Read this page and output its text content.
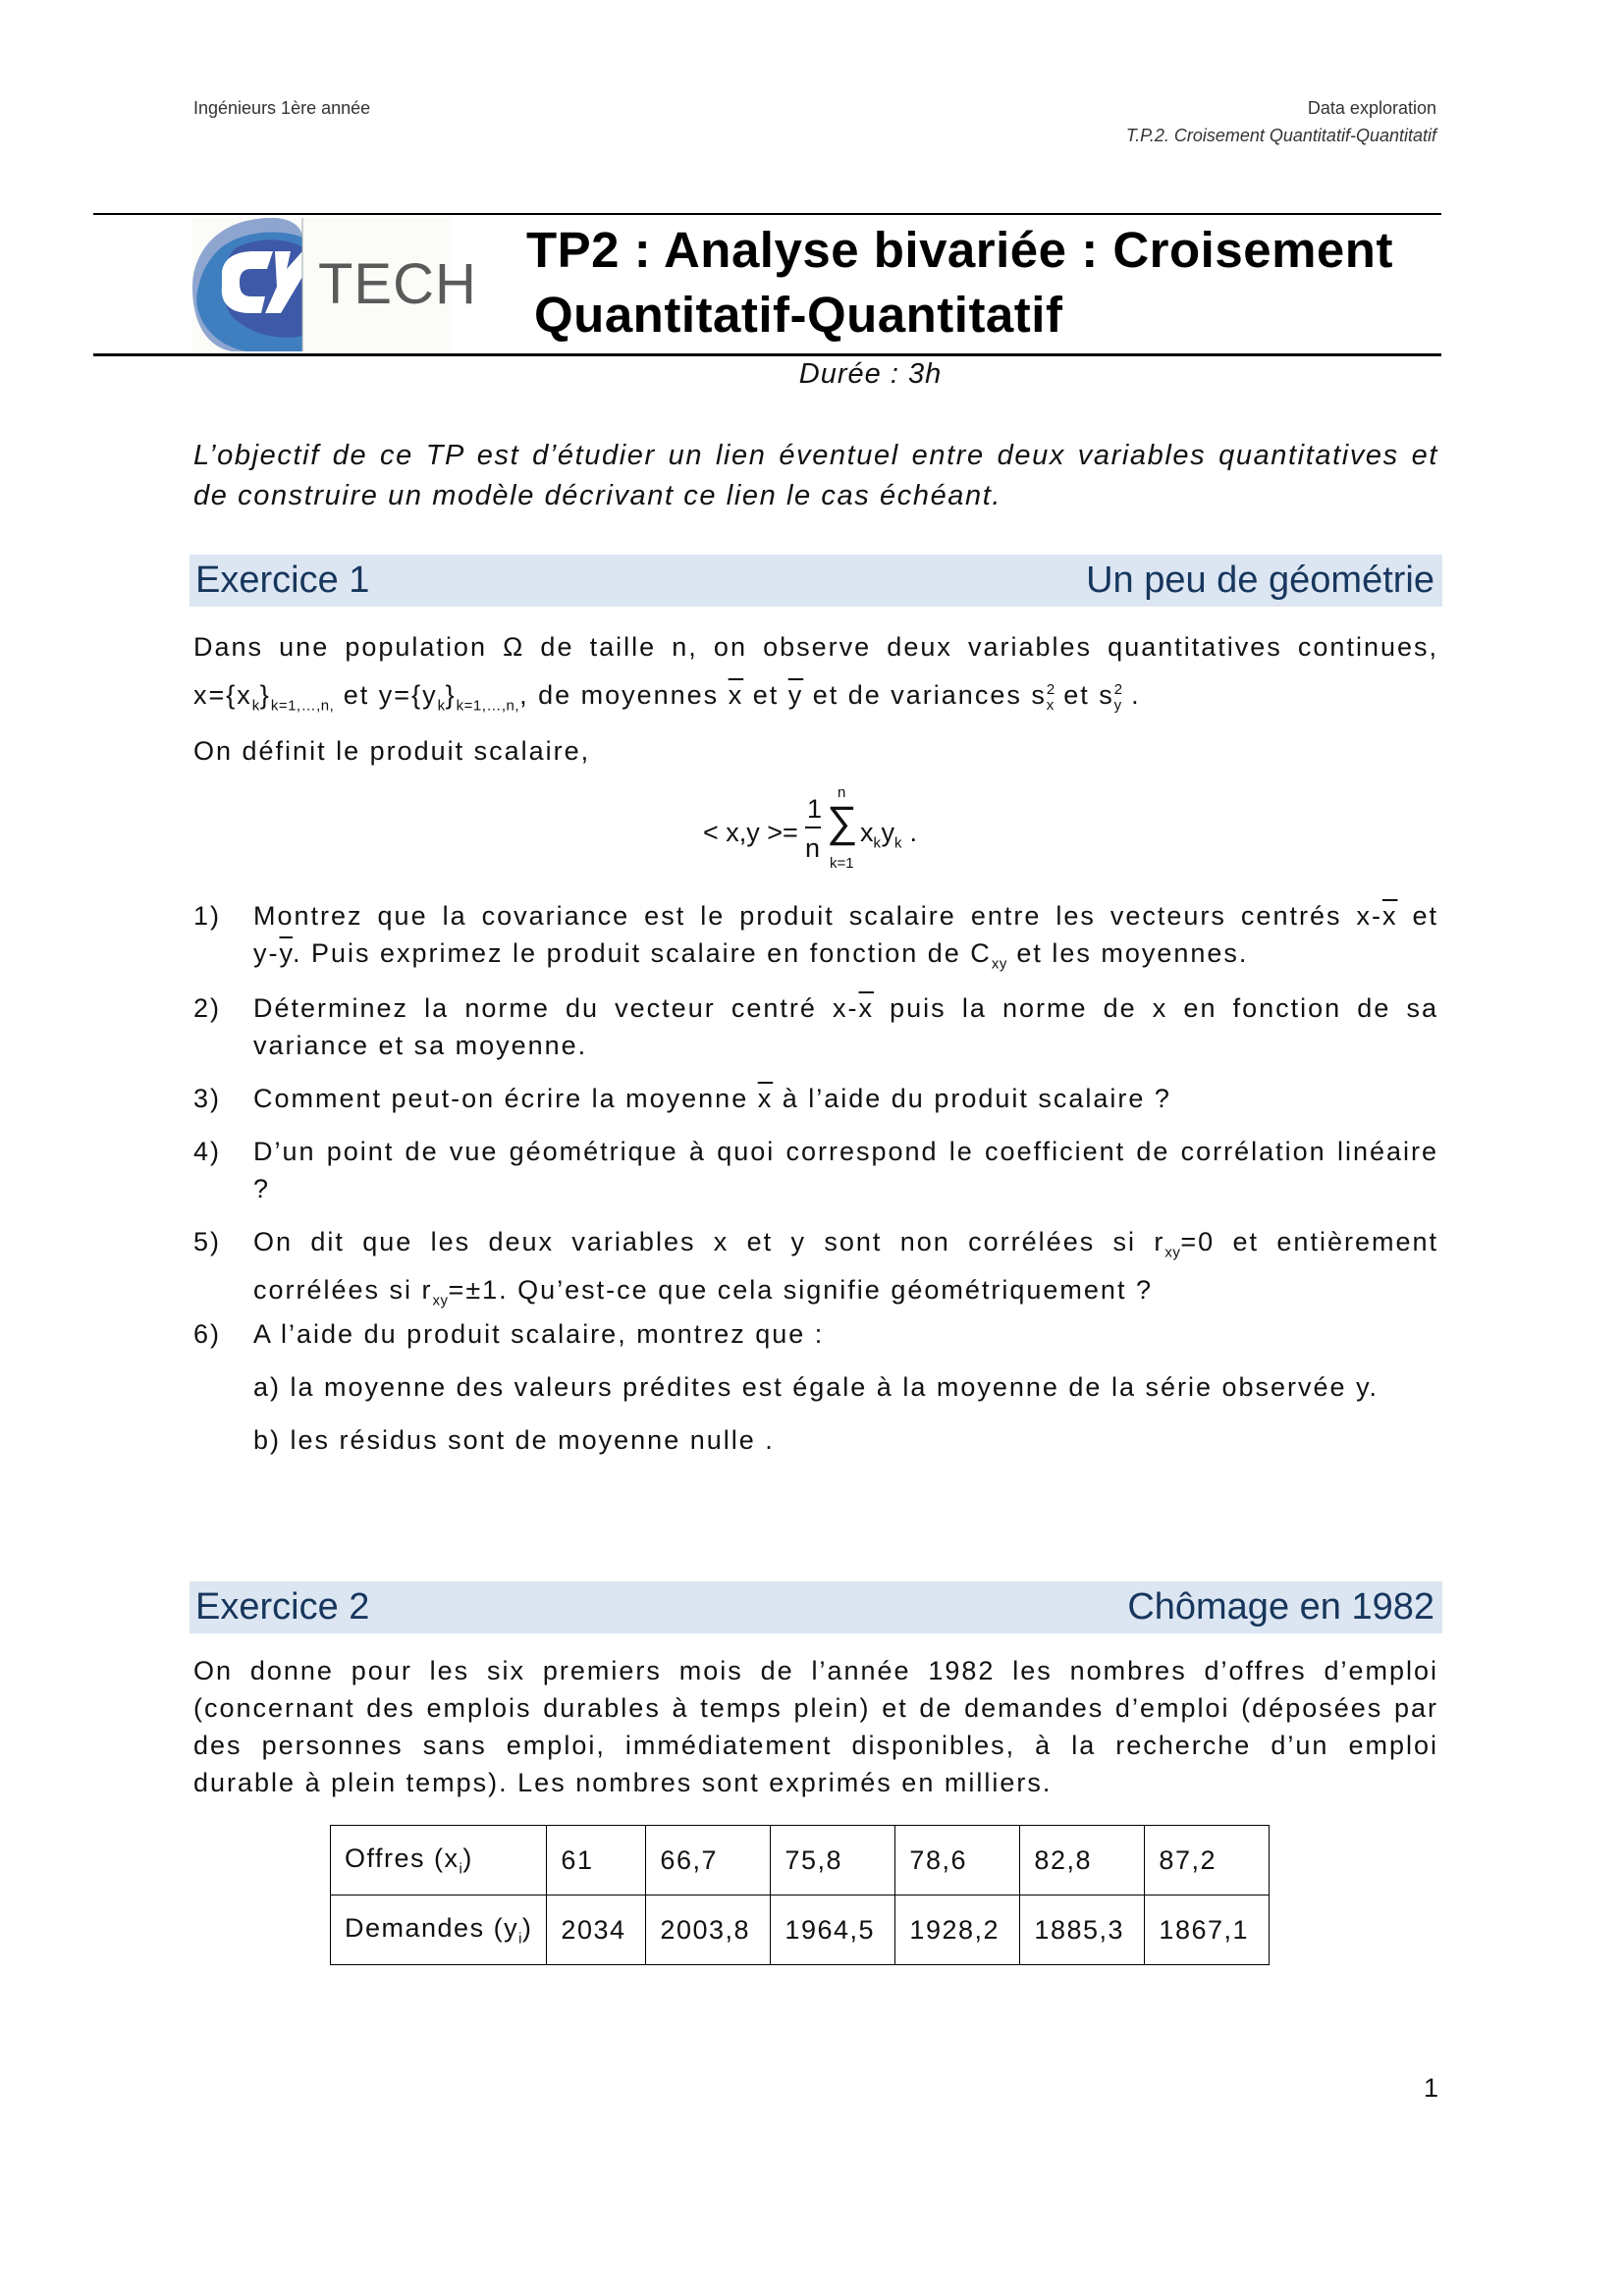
Ingénieurs 1ère année	Data exploration
T.P.2. Croisement Quantitatif-Quantitatif
TECH
TP2 : Analyse bivariée : Croisement
Quantitatif-Quantitatif
Durée : 3h
L’objectif de ce TP est d’étudier un lien éventuel entre deux variables quantitatives et de construire un modèle décrivant ce lien le cas échéant.
Exercice 1	Un peu de géométrie
Dans une population Ω de taille n, on observe deux variables quantitatives continues,
$x=\{x_k\}_{k=1,\dots,n,}$ et $y=\{y_k\}_{k=1,\dots,n,}$, de moyennes $\overline{x}$ et $\overline{y}$ et de variances $s^2_x$ et $s^2_y$ .
On définit le produit scalaire,
< x,y >=
1
n
n
∑
k=1
$x_ky_k$ .
1) Montrez que la covariance est le produit scalaire entre les vecteurs centrés $x-\overline{x}$ et
$y-\overline{y}$. Puis exprimez le produit scalaire en fonction de $C_{xy}$ et les moyennes.
2) Déterminez la norme du vecteur centré $x-\overline{x}$ puis la norme de x en fonction de sa variance et sa moyenne.
3) Comment peut-on écrire la moyenne $\overline{x}$ à l’aide du produit scalaire ?
4) D’un point de vue géométrique à quoi correspond le coefficient de corrélation linéaire ?
5) On dit que les deux variables x et y sont non corrélées si $r_{xy}=0$ et entièrement corrélées si $r_{xy}=\pm 1$. Qu’est-ce que cela signifie géométriquement ?
6) A l’aide du produit scalaire, montrez que :
a) la moyenne des valeurs prédites est égale à la moyenne de la série observée y.
b) les résidus sont de moyenne nulle .
Exercice 2	Chômage en 1982
On donne pour les six premiers mois de l’année 1982 les nombres d’offres d’emploi (concernant des emplois durables à temps plein) et de demandes d’emploi (déposées par des personnes sans emploi, immédiatement disponibles, à la recherche d’un emploi durable à plein temps). Les nombres sont exprimés en milliers.
Offres $(x_i)$	61	66,7	75,8	78,6	82,8	87,2
Demandes $(y_i)$	2034	2003,8	1964,5	1928,2	1885,3	1867,1
1
